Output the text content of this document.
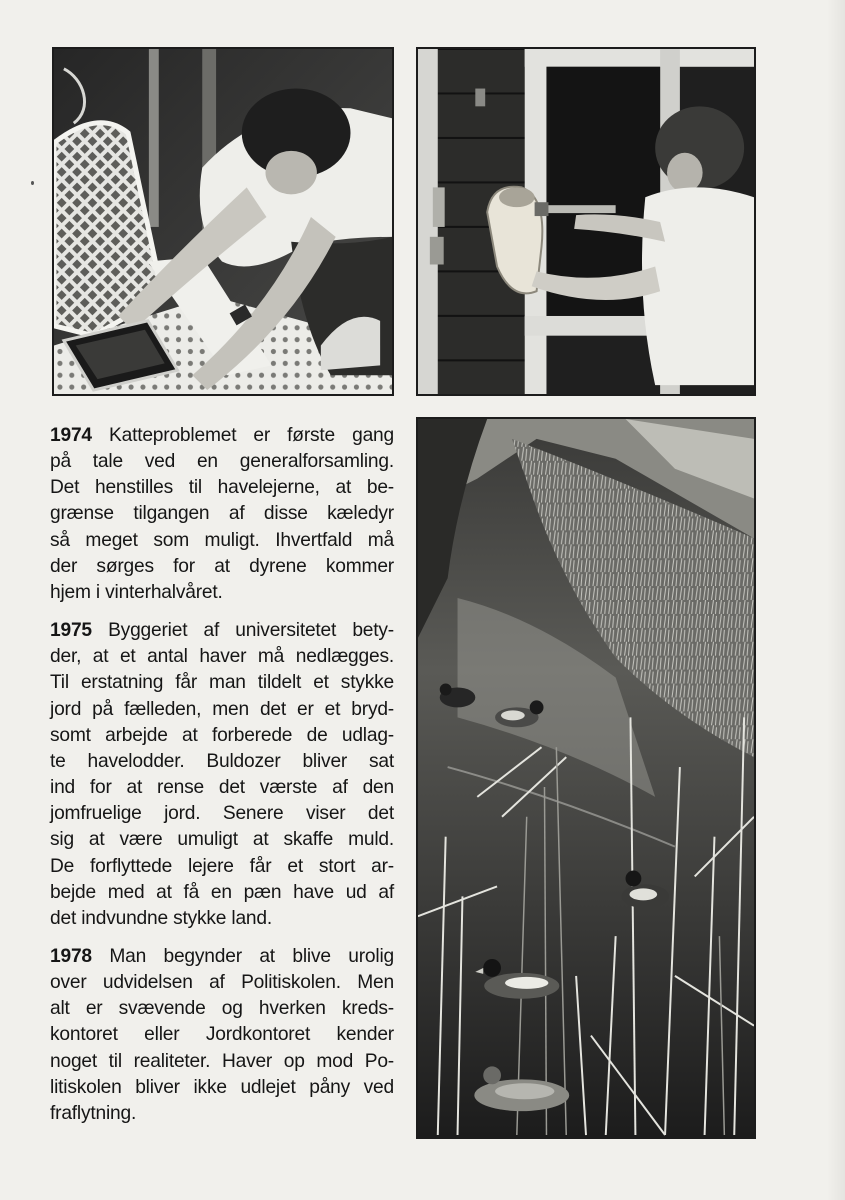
1974 Katteproblemet er første gang
på tale ved en generalforsamling.
Det henstilles til havelejerne, at be-
grænse tilgangen af disse kæledyr
så meget som muligt. Ihvertfald må
der sørges for at dyrene kommer
hjem i vinterhalvåret.
1975 Byggeriet af universitetet bety-
der, at et antal haver må nedlægges.
Til erstatning får man tildelt et stykke
jord på fælleden, men det er et bryd-
somt arbejde at forberede de udlag-
te havelodder. Buldozer bliver sat
ind for at rense det værste af den
jomfruelige jord. Senere viser det
sig at være umuligt at skaffe muld.
De forflyttede lejere får et stort ar-
bejde med at få en pæn have ud af
det indvundne stykke land.
1978 Man begynder at blive urolig
over udvidelsen af Politiskolen. Men
alt er svævende og hverken kreds-
kontoret eller Jordkontoret kender
noget til realiteter. Haver op mod Po-
litiskolen bliver ikke udlejet påny ved
fraflytning.
